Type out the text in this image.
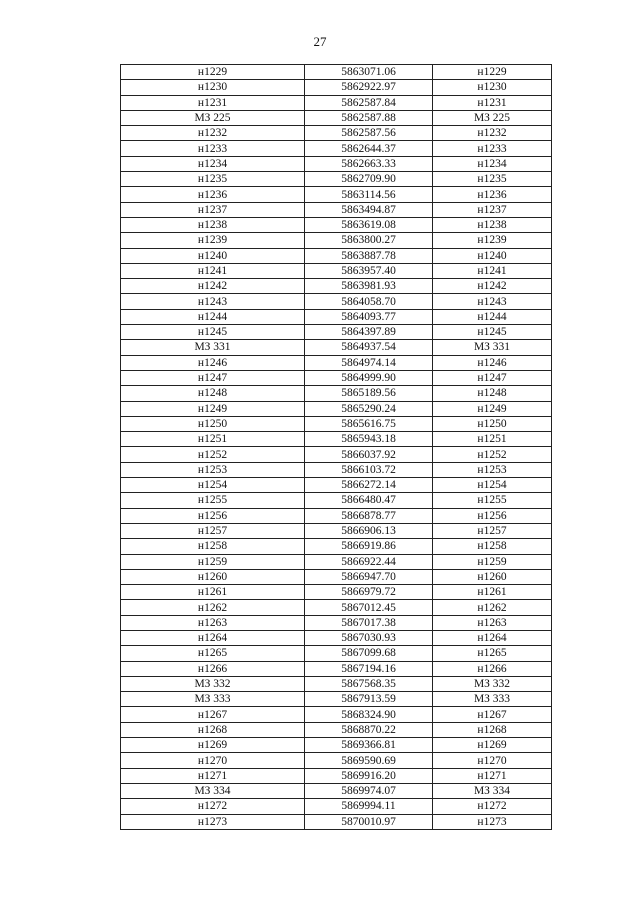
27
н1229	5863071.06	н1229
н1230	5862922.97	н1230
н1231	5862587.84	н1231
МЗ 225	5862587.88	МЗ 225
н1232	5862587.56	н1232
н1233	5862644.37	н1233
н1234	5862663.33	н1234
н1235	5862709.90	н1235
н1236	5863114.56	н1236
н1237	5863494.87	н1237
н1238	5863619.08	н1238
н1239	5863800.27	н1239
н1240	5863887.78	н1240
н1241	5863957.40	н1241
н1242	5863981.93	н1242
н1243	5864058.70	н1243
н1244	5864093.77	н1244
н1245	5864397.89	н1245
МЗ 331	5864937.54	МЗ 331
н1246	5864974.14	н1246
н1247	5864999.90	н1247
н1248	5865189.56	н1248
н1249	5865290.24	н1249
н1250	5865616.75	н1250
н1251	5865943.18	н1251
н1252	5866037.92	н1252
н1253	5866103.72	н1253
н1254	5866272.14	н1254
н1255	5866480.47	н1255
н1256	5866878.77	н1256
н1257	5866906.13	н1257
н1258	5866919.86	н1258
н1259	5866922.44	н1259
н1260	5866947.70	н1260
н1261	5866979.72	н1261
н1262	5867012.45	н1262
н1263	5867017.38	н1263
н1264	5867030.93	н1264
н1265	5867099.68	н1265
н1266	5867194.16	н1266
МЗ 332	5867568.35	МЗ 332
МЗ 333	5867913.59	МЗ 333
н1267	5868324.90	н1267
н1268	5868870.22	н1268
н1269	5869366.81	н1269
н1270	5869590.69	н1270
н1271	5869916.20	н1271
МЗ 334	5869974.07	МЗ 334
н1272	5869994.11	н1272
н1273	5870010.97	н1273
